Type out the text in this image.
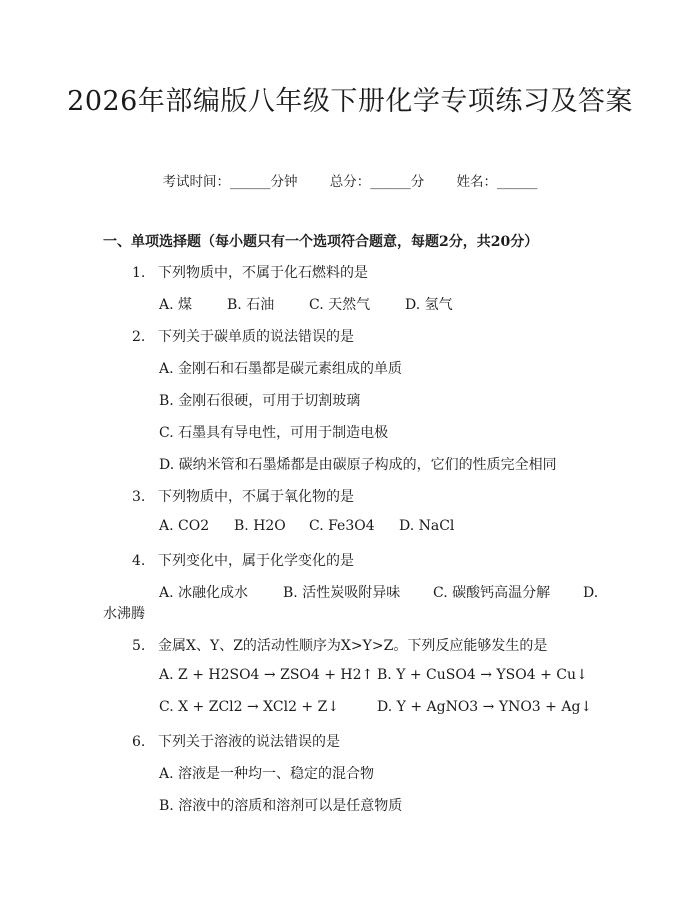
2026年部编版八年级下册化学专项练习及答案
考试时间：______分钟 总分：______分 姓名：______
一、单项选择题（每小题只有一个选项符合题意，每题2分，共20分）
1. 下列物质中，不属于化石燃料的是
A. 煤 B. 石油 C. 天然气 D. 氢气
2. 下列关于碳单质的说法错误的是
A. 金刚石和石墨都是碳元素组成的单质
B. 金刚石很硬，可用于切割玻璃
C. 石墨具有导电性，可用于制造电极
D. 碳纳米管和石墨烯都是由碳原子构成的，它们的性质完全相同
3. 下列物质中，不属于氧化物的是
A. CO2 B. H2O C. Fe3O4 D. NaCl
4. 下列变化中，属于化学变化的是
A. 冰融化成水 B. 活性炭吸附异味 C. 碳酸钙高温分解 D.
水沸腾
5. 金属X、Y、Z的活动性顺序为X>Y>Z。下列反应能够发生的是
A. Z + H2SO4 → ZSO4 + H2↑ B. Y + CuSO4 → YSO4 + Cu↓
C. X + ZCl2 → XCl2 + Z↓	D. Y + AgNO3 → YNO3 + Ag↓
6. 下列关于溶液的说法错误的是
A. 溶液是一种均一、稳定的混合物
B. 溶液中的溶质和溶剂可以是任意物质
